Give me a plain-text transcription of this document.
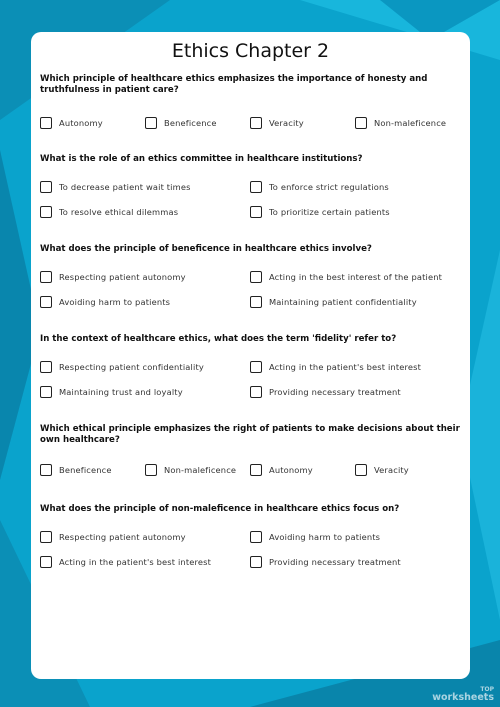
Ethics Chapter 2
Which principle of healthcare ethics emphasizes the importance of honesty and truthfulness in patient care?
Autonomy	Beneficence	Veracity	Non-maleficence
What is the role of an ethics committee in healthcare institutions?
To decrease patient wait times	To enforce strict regulations
To resolve ethical dilemmas	To prioritize certain patients
What does the principle of beneficence in healthcare ethics involve?
Respecting patient autonomy	Acting in the best interest of the patient
Avoiding harm to patients	Maintaining patient confidentiality
In the context of healthcare ethics, what does the term 'fidelity' refer to?
Respecting patient confidentiality	Acting in the patient's best interest
Maintaining trust and loyalty	Providing necessary treatment
Which ethical principle emphasizes the right of patients to make decisions about their own healthcare?
Beneficence	Non-maleficence	Autonomy	Veracity
What does the principle of non-maleficence in healthcare ethics focus on?
Respecting patient autonomy	Avoiding harm to patients
Acting in the patient's best interest	Providing necessary treatment
TOP
worksheets
